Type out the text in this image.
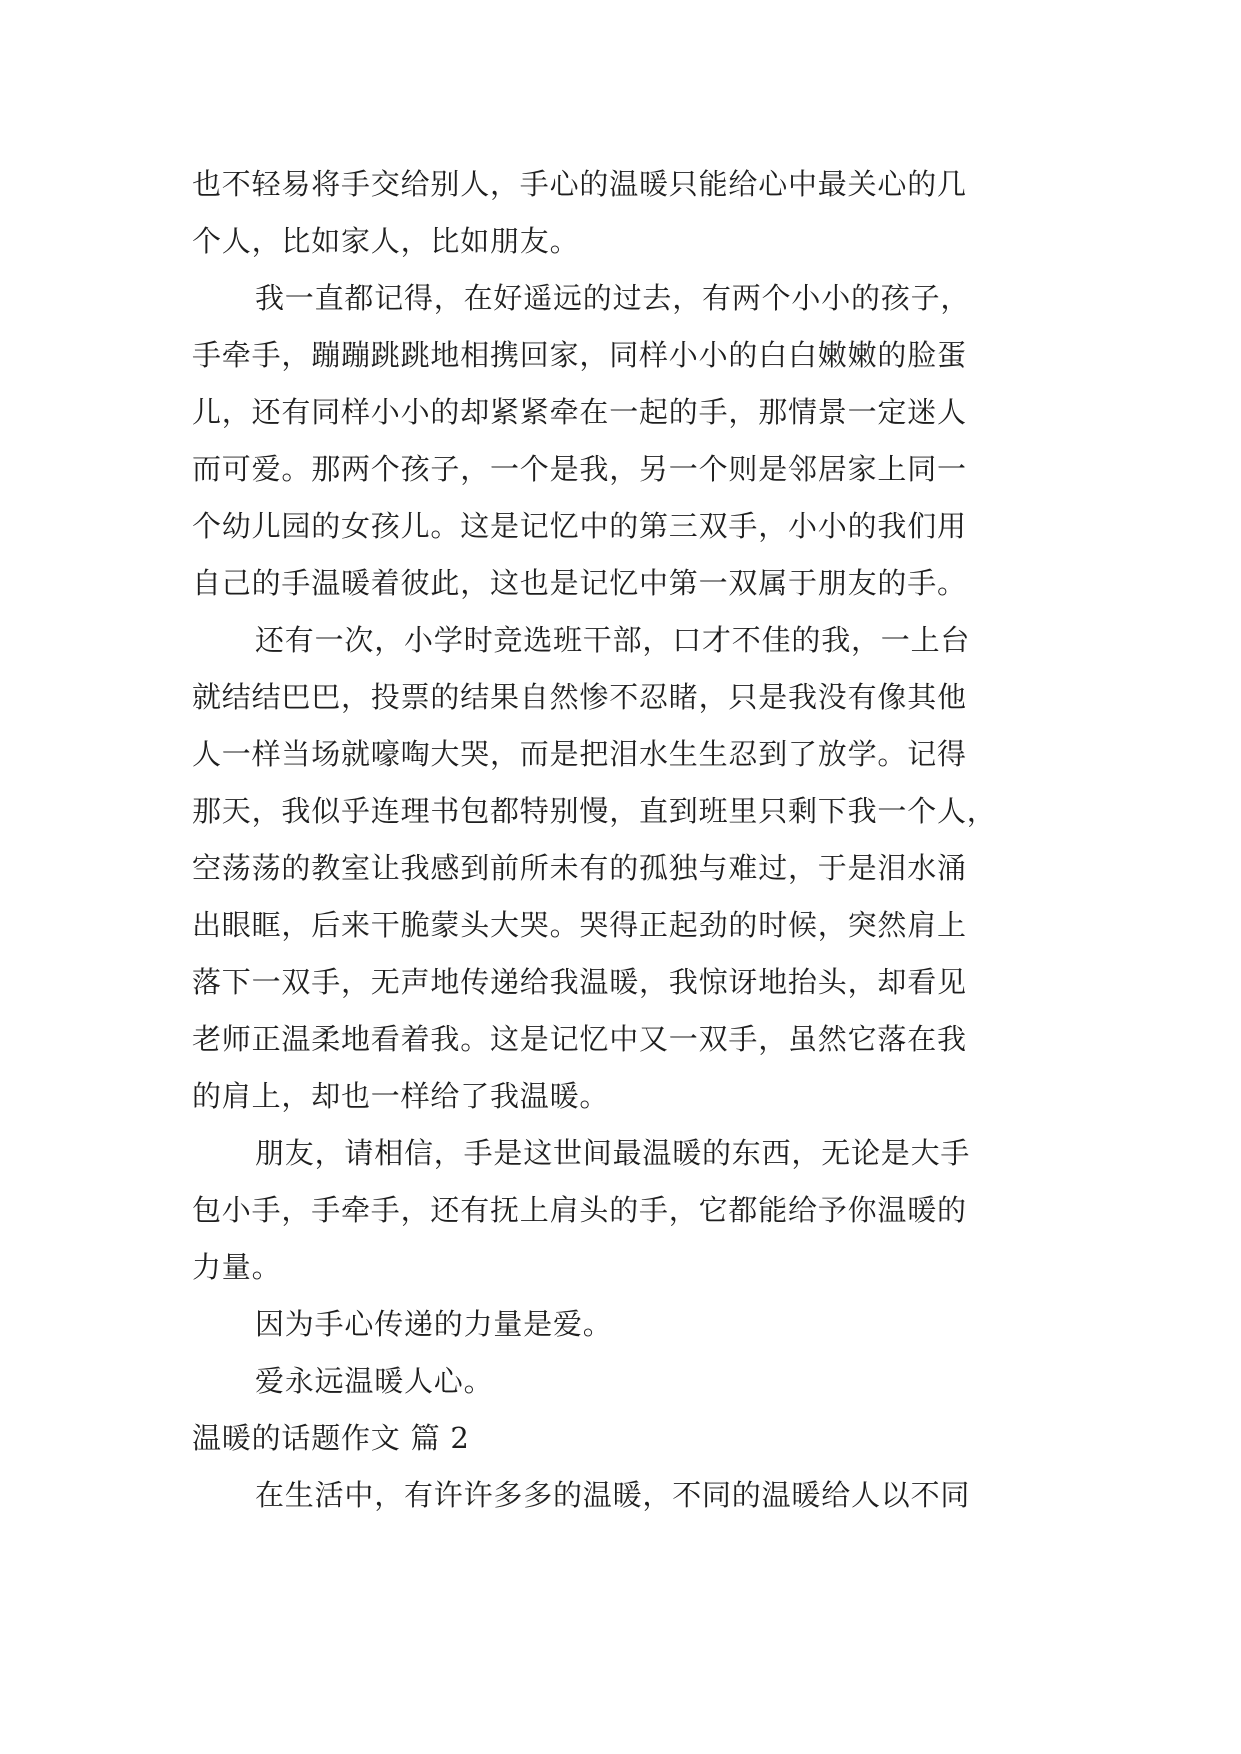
也不轻易将手交给别人，手心的温暖只能给心中最关心的几
个人，比如家人，比如朋友。
我一直都记得，在好遥远的过去，有两个小小的孩子，
手牵手，蹦蹦跳跳地相携回家，同样小小的白白嫩嫩的脸蛋
儿，还有同样小小的却紧紧牵在一起的手，那情景一定迷人
而可爱。那两个孩子，一个是我，另一个则是邻居家上同一
个幼儿园的女孩儿。这是记忆中的第三双手，小小的我们用
自己的手温暖着彼此，这也是记忆中第一双属于朋友的手。
还有一次，小学时竞选班干部，口才不佳的我，一上台
就结结巴巴，投票的结果自然惨不忍睹，只是我没有像其他
人一样当场就嚎啕大哭，而是把泪水生生忍到了放学。记得
那天，我似乎连理书包都特别慢，直到班里只剩下我一个人，
空荡荡的教室让我感到前所未有的孤独与难过，于是泪水涌
出眼眶，后来干脆蒙头大哭。哭得正起劲的时候，突然肩上
落下一双手，无声地传递给我温暖，我惊讶地抬头，却看见
老师正温柔地看着我。这是记忆中又一双手，虽然它落在我
的肩上，却也一样给了我温暖。
朋友，请相信，手是这世间最温暖的东西，无论是大手
包小手，手牵手，还有抚上肩头的手，它都能给予你温暖的
力量。
因为手心传递的力量是爱。
爱永远温暖人心。
温暖的话题作文 篇 2
在生活中，有许许多多的温暖，不同的温暖给人以不同
